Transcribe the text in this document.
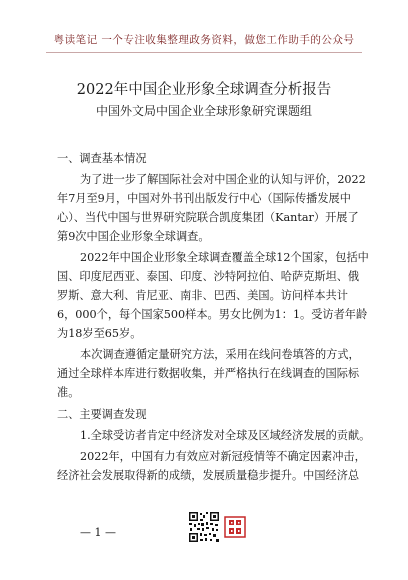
粤读笔记 一个专注收集整理政务资料，做您工作助手的公众号
2022年中国企业形象全球调查分析报告
中国外文局中国企业全球形象研究课题组
一、调查基本情况
为了进一步了解国际社会对中国企业的认知与评价，2022
年7月至9月，中国对外书刊出版发行中心（国际传播发展中
心）、当代中国与世界研究院联合凯度集团（Kantar）开展了
第9次中国企业形象全球调查。
2022年中国企业形象全球调查覆盖全球12个国家，包括中
国、印度尼西亚、泰国、印度、沙特阿拉伯、哈萨克斯坦、俄
罗斯、意大利、肯尼亚、南非、巴西、美国。访问样本共计
6，000个，每个国家500样本。男女比例为1：1。受访者年龄
为18岁至65岁。
本次调查遵循定量研究方法，采用在线问卷填答的方式，
通过全球样本库进行数据收集，并严格执行在线调查的国际标
准。
二、主要调查发现
1.全球受访者肯定中经济发对全球及区域经济发展的贡献。
2022年，中国有力有效应对新冠疫情等不确定因素冲击，
经济社会发展取得新的成绩，发展质量稳步提升。中国经济总
— 1 —
